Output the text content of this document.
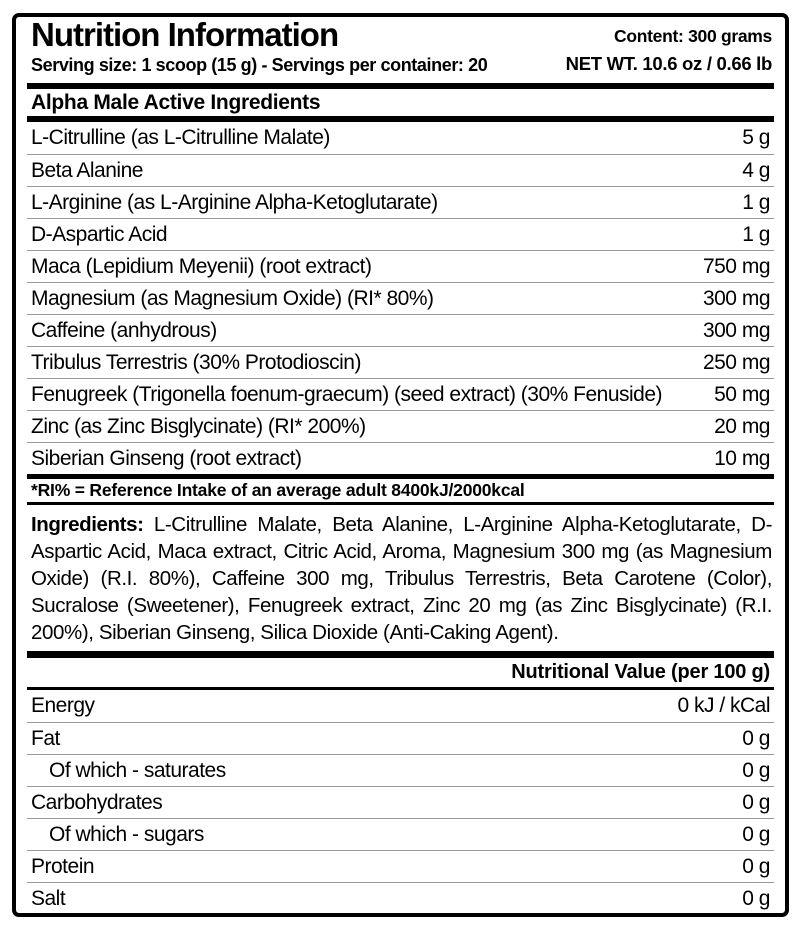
Nutrition Information
Serving size: 1 scoop (15 g) - Servings per container: 20
Content: 300 grams
NET WT. 10.6 oz / 0.66 lb
Alpha Male Active Ingredients
L-Citrulline (as L-Citrulline Malate)	5 g
Beta Alanine	4 g
L-Arginine (as L-Arginine Alpha-Ketoglutarate)	1 g
D-Aspartic Acid	1 g
Maca (Lepidium Meyenii) (root extract)	750 mg
Magnesium (as Magnesium Oxide) (RI* 80%)	300 mg
Caffeine (anhydrous)	300 mg
Tribulus Terrestris (30% Protodioscin)	250 mg
Fenugreek (Trigonella foenum-graecum) (seed extract) (30% Fenuside)	50 mg
Zinc (as Zinc Bisglycinate) (RI* 200%)	20 mg
Siberian Ginseng (root extract)	10 mg
*RI% = Reference Intake of an average adult 8400kJ/2000kcal

Ingredients: L-Citrulline Malate, Beta Alanine, L-Arginine Alpha-Ketoglutarate, D-Aspartic Acid, Maca extract, Citric Acid, Aroma, Magnesium 300 mg (as Magnesium Oxide) (R.I. 80%), Caffeine 300 mg, Tribulus Terrestris, Beta Carotene (Color), Sucralose (Sweetener), Fenugreek extract, Zinc 20 mg (as Zinc Bisglycinate) (R.I. 200%), Siberian Ginseng, Silica Dioxide (Anti-Caking Agent).

Nutritional Value (per 100 g)
Energy	0 kJ / kCal
Fat	0 g
Of which - saturates	0 g
Carbohydrates	0 g
Of which - sugars	0 g
Protein	0 g
Salt	0 g
